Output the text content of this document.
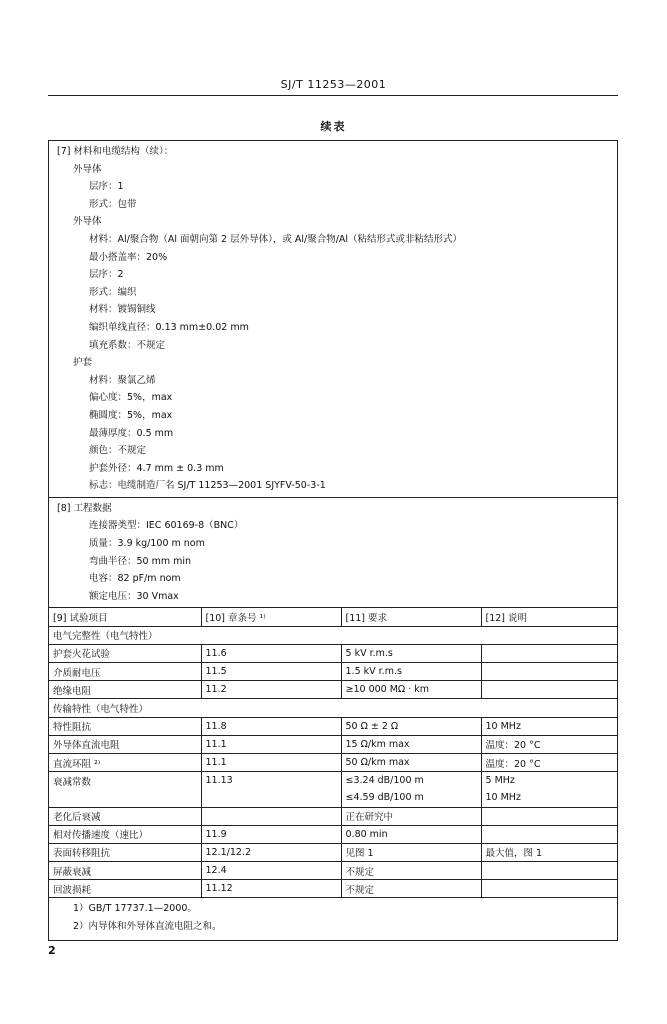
SJ/T 11253—2001
续表
[7] 材料和电缆结构（续）：
外导体
层序：1
形式：包带
外导体
材料：Al/聚合物（Al 面朝向第 2 层外导体），或 Al/聚合物/Al（粘结形式或非粘结形式）
最小搭盖率：20%
层序：2
形式：编织
材料：镀锡铜线
编织单线直径：0.13 mm±0.02 mm
填充系数：不规定
护套
材料：聚氯乙烯
偏心度：5%，max
椭圆度：5%，max
最薄厚度：0.5 mm
颜色：不规定
护套外径：4.7 mm ± 0.3 mm
标志：电缆制造厂名 SJ/T 11253—2001 SJYFV-50-3-1
[8] 工程数据
连接器类型：IEC 60169-8（BNC）
质量：3.9 kg/100 m nom
弯曲半径：50 mm min
电容：82 pF/m nom
额定电压：30 Vmax
[9] 试验项目	[10] 章条号 ¹⁾	[11] 要求	[12] 说明
电气完整性（电气特性）			
护套火花试验	11.6	5 kV r.m.s	
介质耐电压	11.5	1.5 kV r.m.s	
绝缘电阻	11.2	≥10 000 MΩ · km	
传输特性（电气特性）			
特性阻抗	11.8	50 Ω ± 2 Ω	10 MHz
外导体直流电阻	11.1	15 Ω/km max	温度：20 °C
直流环阻 ²⁾	11.1	50 Ω/km max	温度：20 °C
衰减常数	11.13	≤3.24 dB/100 m	5 MHz
		≤4.59 dB/100 m	10 MHz
老化后衰减		正在研究中	
相对传播速度（速比）	11.9	0.80 min	
表面转移阻抗	12.1/12.2	见图 1	最大值，图 1
屏蔽衰减	12.4	不规定	
回波损耗	11.12	不规定	
1）GB/T 17737.1—2000。
2）内导体和外导体直流电阻之和。
2
